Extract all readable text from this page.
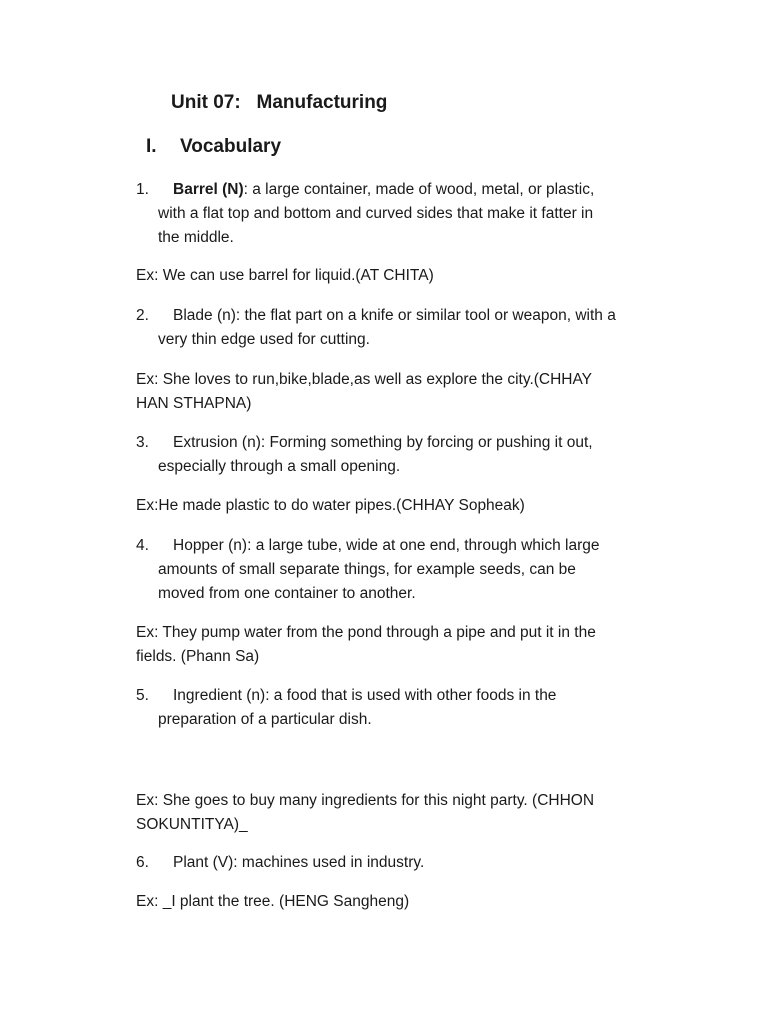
Unit 07: Manufacturing
I. Vocabulary
1. Barrel (N): a large container, made of wood, metal, or plastic,
with a flat top and bottom and curved sides that make it fatter in
the middle.
Ex: We can use barrel for liquid.(AT CHITA)
2. Blade (n): the flat part on a knife or similar tool or weapon, with a
very thin edge used for cutting.
Ex: She loves to run,bike,blade,as well as explore the city.(CHHAY
HAN STHAPNA)
3. Extrusion (n): Forming something by forcing or pushing it out,
especially through a small opening.
Ex:He made plastic to do water pipes.(CHHAY Sopheak)
4. Hopper (n): a large tube, wide at one end, through which large
amounts of small separate things, for example seeds, can be
moved from one container to another.
Ex: They pump water from the pond through a pipe and put it in the
fields. (Phann Sa)
5. Ingredient (n): a food that is used with other foods in the
preparation of a particular dish.
Ex: She goes to buy many ingredients for this night party. (CHHON
SOKUNTITYA)_
6. Plant (V): machines used in industry.
Ex: _I plant the tree. (HENG Sangheng)
